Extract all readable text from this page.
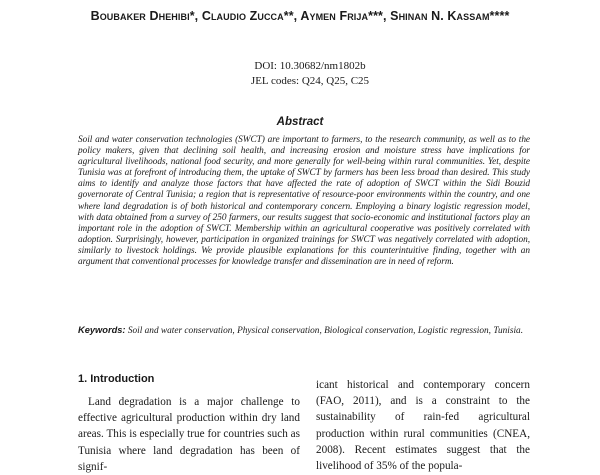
Boubaker Dhehibi*, Claudio Zucca**, Aymen Frija***, Shinan N. Kassam****
DOI: 10.30682/nm1802b
JEL codes: Q24, Q25, C25
Abstract
Soil and water conservation technologies (SWCT) are important to farmers, to the research community, as well as to the policy makers, given that declining soil health, and increasing erosion and moisture stress have implications for agricultural livelihoods, national food security, and more generally for well-being within rural communities. Yet, despite Tunisia was at forefront of introducing them, the uptake of SWCT by farmers has been less broad than desired. This study aims to identify and analyze those factors that have affected the rate of adoption of SWCT within the Sidi Bouzid governorate of Central Tunisia; a region that is representative of resource-poor environments within the country, and one where land degradation is of both historical and contemporary concern. Employing a binary logistic regression model, with data obtained from a survey of 250 farmers, our results suggest that socio-economic and institutional factors play an important role in the adoption of SWCT. Membership within an agricultural cooperative was positively correlated with adoption. Surprisingly, however, participation in organized trainings for SWCT was negatively correlated with adoption, similarly to livestock holdings. We provide plausible explanations for this counterintuitive finding, together with an argument that conventional processes for knowledge transfer and dissemination are in need of reform.
Keywords: Soil and water conservation, Physical conservation, Biological conservation, Logistic regression, Tunisia.
1. Introduction
Land degradation is a major challenge to effective agricultural production within dry land areas. This is especially true for countries such as Tunisia where land degradation has been of signif-
icant historical and contemporary concern (FAO, 2011), and is a constraint to the sustainability of rain-fed agricultural production within rural communities (CNEA, 2008). Recent estimates suggest that the livelihood of 35% of the popula-
